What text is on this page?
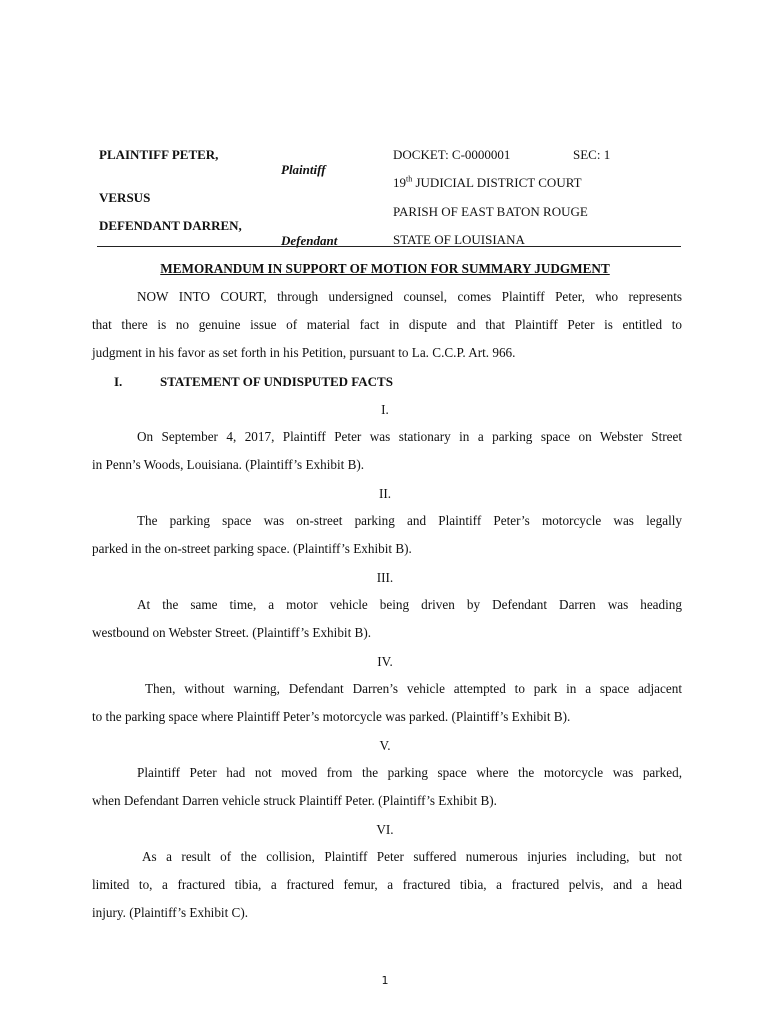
PLAINTIFF PETER,
Plaintiff
VERSUS
DEFENDANT DARREN,
Defendant
DOCKET: C-0000001	SEC: 1
19th JUDICIAL DISTRICT COURT
PARISH OF EAST BATON ROUGE
STATE OF LOUISIANA
MEMORANDUM IN SUPPORT OF MOTION FOR SUMMARY JUDGMENT
NOW INTO COURT, through undersigned counsel, comes Plaintiff Peter, who represents
that there is no genuine issue of material fact in dispute and that Plaintiff Peter is entitled to
judgment in his favor as set forth in his Petition, pursuant to La. C.C.P. Art. 966.
I.	STATEMENT OF UNDISPUTED FACTS
I.
On September 4, 2017, Plaintiff Peter was stationary in a parking space on Webster Street
in Penn’s Woods, Louisiana. (Plaintiff’s Exhibit B).
II.
The parking space was on-street parking and Plaintiff Peter’s motorcycle was legally
parked in the on-street parking space. (Plaintiff’s Exhibit B).
III.
At the same time, a motor vehicle being driven by Defendant Darren was heading
westbound on Webster Street. (Plaintiff’s Exhibit B).
IV.
Then, without warning, Defendant Darren’s vehicle attempted to park in a space adjacent
to the parking space where Plaintiff Peter’s motorcycle was parked. (Plaintiff’s Exhibit B).
V.
Plaintiff Peter had not moved from the parking space where the motorcycle was parked,
when Defendant Darren vehicle struck Plaintiff Peter. (Plaintiff’s Exhibit B).
VI.
As a result of the collision, Plaintiff Peter suffered numerous injuries including, but not
limited to, a fractured tibia, a fractured femur, a fractured tibia, a fractured pelvis, and a head
injury. (Plaintiff’s Exhibit C).
1
